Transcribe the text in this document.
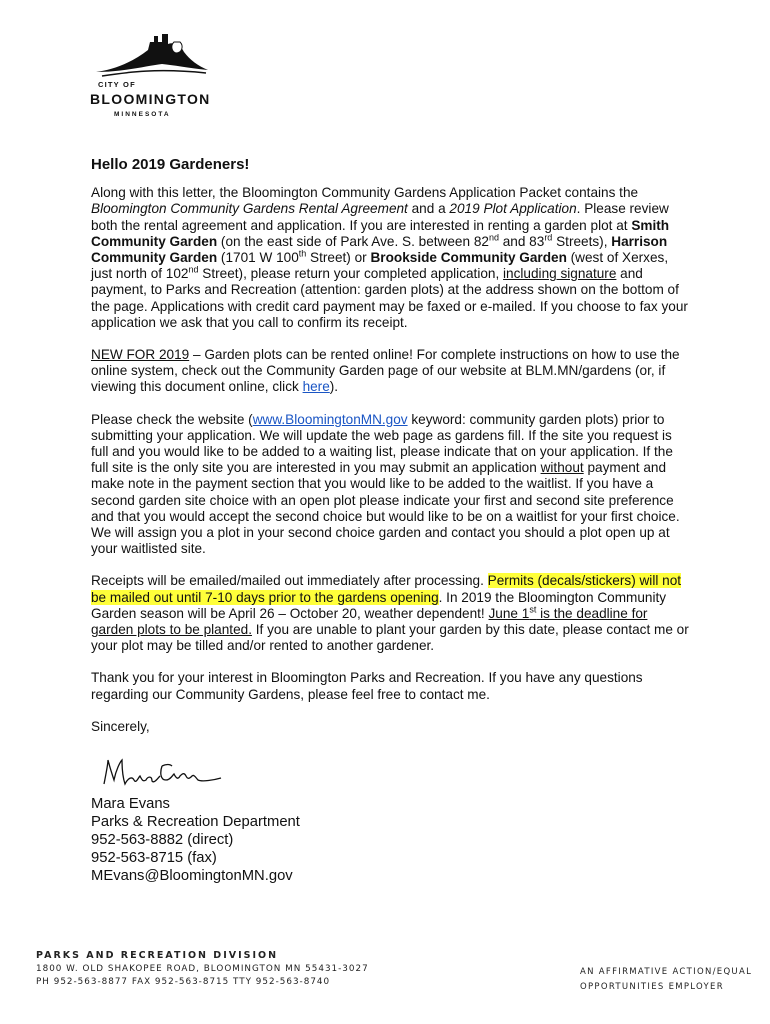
CITY OF
BLOOMINGTON
MINNESOTA
Hello 2019 Gardeners!

Along with this letter, the Bloomington Community Gardens Application Packet contains the Bloomington Community Gardens Rental Agreement and a 2019 Plot Application. Please review both the rental agreement and application. If you are interested in renting a garden plot at Smith Community Garden (on the east side of Park Ave. S. between 82nd and 83rd Streets), Harrison Community Garden (1701 W 100th Street) or Brookside Community Garden (west of Xerxes, just north of 102nd Street), please return your completed application, including signature and payment, to Parks and Recreation (attention: garden plots) at the address shown on the bottom of the page. Applications with credit card payment may be faxed or e-mailed. If you choose to fax your application we ask that you call to confirm its receipt.

NEW FOR 2019 – Garden plots can be rented online! For complete instructions on how to use the online system, check out the Community Garden page of our website at BLM.MN/gardens (or, if viewing this document online, click here).

Please check the website (www.BloomingtonMN.gov keyword: community garden plots) prior to submitting your application. We will update the web page as gardens fill. If the site you request is full and you would like to be added to a waiting list, please indicate that on your application. If the full site is the only site you are interested in you may submit an application without payment and make note in the payment section that you would like to be added to the waitlist. If you have a second garden site choice with an open plot please indicate your first and second site preference and that you would accept the second choice but would like to be on a waitlist for your first choice. We will assign you a plot in your second choice garden and contact you should a plot open up at your waitlisted site.

Receipts will be emailed/mailed out immediately after processing. Permits (decals/stickers) will not be mailed out until 7-10 days prior to the gardens opening. In 2019 the Bloomington Community Garden season will be April 26 – October 20, weather dependent! June 1st is the deadline for garden plots to be planted. If you are unable to plant your garden by this date, please contact me or your plot may be tilled and/or rented to another gardener.

Thank you for your interest in Bloomington Parks and Recreation. If you have any questions regarding our Community Gardens, please feel free to contact me.

Sincerely,

Mara Evans
Parks & Recreation Department
952-563-8882 (direct)
952-563-8715 (fax)
MEvans@BloomingtonMN.gov
PARKS AND RECREATION DIVISION
1800 W. OLD SHAKOPEE ROAD, BLOOMINGTON MN 55431-3027
PH 952-563-8877 FAX 952-563-8715 TTY 952-563-8740
AN AFFIRMATIVE ACTION/EQUAL
OPPORTUNITIES EMPLOYER
